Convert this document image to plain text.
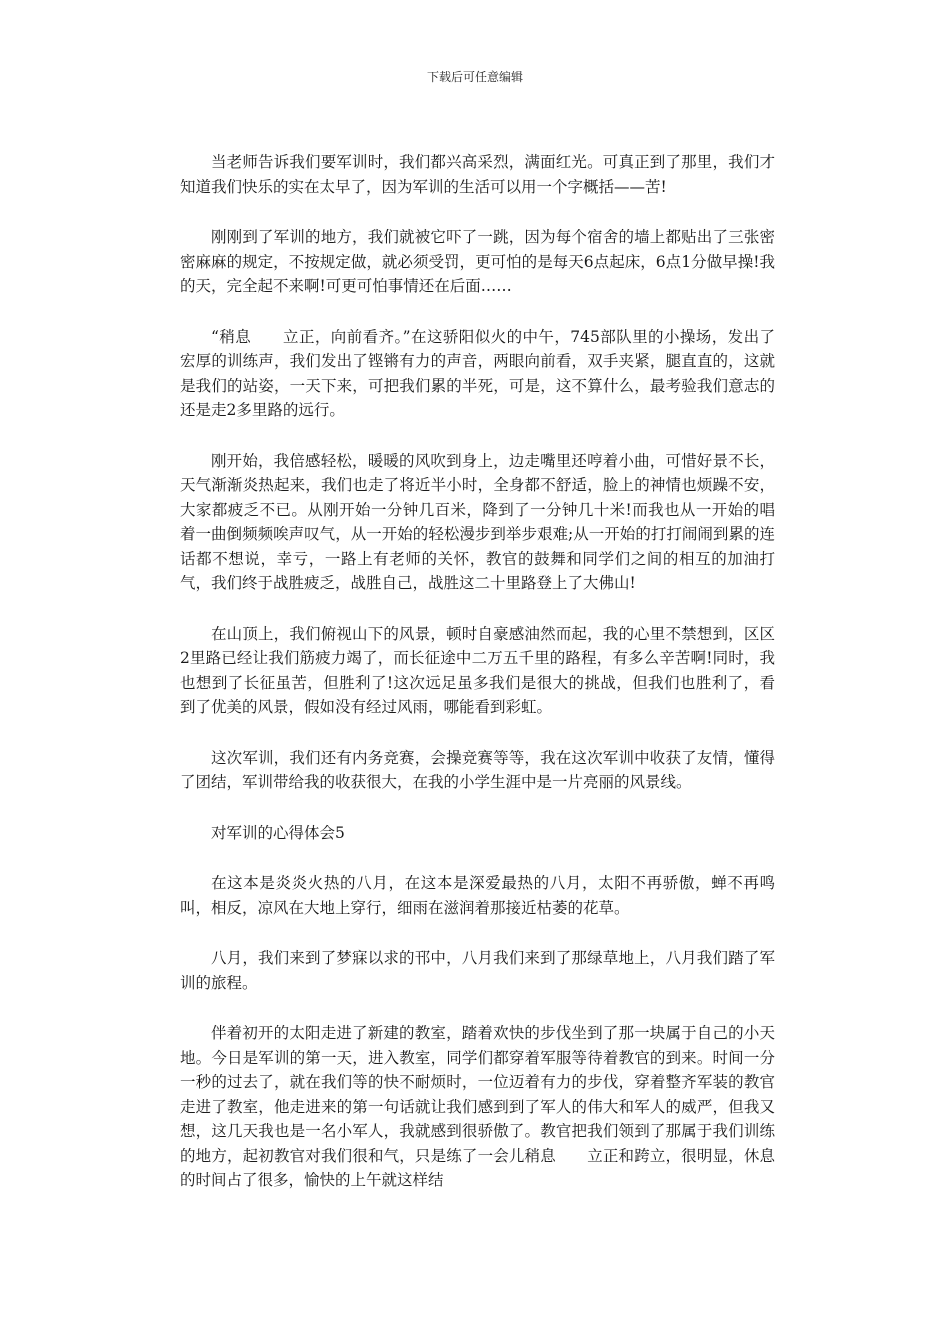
下载后可任意编辑

当老师告诉我们要军训时，我们都兴高采烈，满面红光。可真正到了那里，我们才知道我们快乐的实在太早了，因为军训的生活可以用一个字概括——苦!

刚刚到了军训的地方，我们就被它吓了一跳，因为每个宿舍的墙上都贴出了三张密密麻麻的规定，不按规定做，就必须受罚，更可怕的是每天6点起床，6点1分做早操!我的天，完全起不来啊!可更可怕事情还在后面……

“稍息　　立正，向前看齐。”在这骄阳似火的中午，745部队里的小操场，发出了宏厚的训练声，我们发出了铿锵有力的声音，两眼向前看，双手夹紧，腿直直的，这就是我们的站姿，一天下来，可把我们累的半死，可是，这不算什么，最考验我们意志的还是走2多里路的远行。

刚开始，我倍感轻松，暖暖的风吹到身上，边走嘴里还哼着小曲，可惜好景不长，天气渐渐炎热起来，我们也走了将近半小时，全身都不舒适，脸上的神情也烦躁不安，大家都疲乏不已。从刚开始一分钟几百米，降到了一分钟几十米!而我也从一开始的唱着一曲倒频频唉声叹气，从一开始的轻松漫步到举步艰难;从一开始的打打闹闹到累的连话都不想说，幸亏，一路上有老师的关怀，教官的鼓舞和同学们之间的相互的加油打气，我们终于战胜疲乏，战胜自己，战胜这二十里路登上了大佛山!

在山顶上，我们俯视山下的风景，顿时自豪感油然而起，我的心里不禁想到，区区2里路已经让我们筋疲力竭了，而长征途中二万五千里的路程，有多么辛苦啊!同时，我也想到了长征虽苦，但胜利了!这次远足虽多我们是很大的挑战，但我们也胜利了，看到了优美的风景，假如没有经过风雨，哪能看到彩虹。

这次军训，我们还有内务竞赛，会操竞赛等等，我在这次军训中收获了友情，懂得了团结，军训带给我的收获很大，在我的小学生涯中是一片亮丽的风景线。

对军训的心得体会5

在这本是炎炎火热的八月，在这本是深爱最热的八月，太阳不再骄傲，蝉不再鸣叫，相反，凉风在大地上穿行，细雨在滋润着那接近枯萎的花草。

八月，我们来到了梦寐以求的邗中，八月我们来到了那绿草地上，八月我们踏了军训的旅程。

伴着初开的太阳走进了新建的教室，踏着欢快的步伐坐到了那一块属于自己的小天地。今日是军训的第一天，进入教室，同学们都穿着军服等待着教官的到来。时间一分一秒的过去了，就在我们等的快不耐烦时，一位迈着有力的步伐，穿着整齐军装的教官走进了教室，他走进来的第一句话就让我们感到到了军人的伟大和军人的威严，但我又想，这几天我也是一名小军人，我就感到很骄傲了。教官把我们领到了那属于我们训练的地方，起初教官对我们很和气，只是练了一会儿稍息　　立正和跨立，很明显，休息的时间占了很多，愉快的上午就这样结
